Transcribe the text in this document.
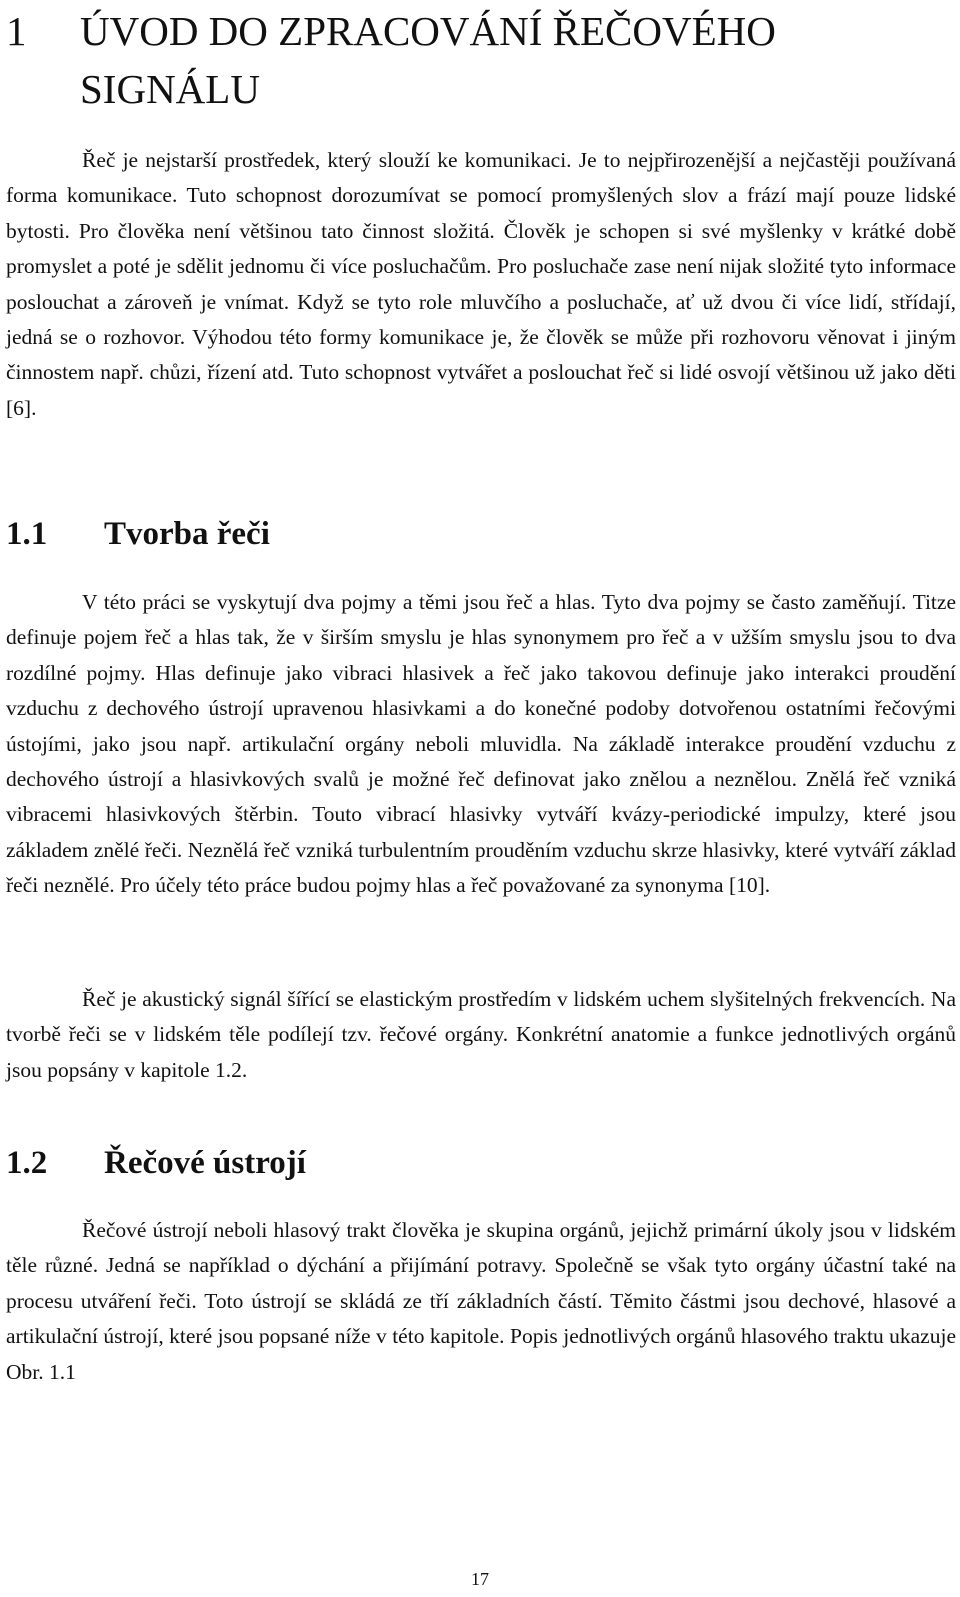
1	ÚVOD DO ZPRACOVÁNÍ ŘEČOVÉHO SIGNÁLU

Řeč je nejstarší prostředek, který slouží ke komunikaci. Je to nejpřirozenější a nejčastěji používaná forma komunikace. Tuto schopnost dorozumívat se pomocí promyšlených slov a frází mají pouze lidské bytosti. Pro člověka není většinou tato činnost složitá. Člověk je schopen si své myšlenky v krátké době promyslet a poté je sdělit jednomu či více posluchačům. Pro posluchače zase není nijak složité tyto informace poslouchat a zároveň je vnímat. Když se tyto role mluvčího a posluchače, ať už dvou či více lidí, střídají, jedná se o rozhovor. Výhodou této formy komunikace je, že člověk se může při rozhovoru věnovat i jiným činnostem např. chůzi, řízení atd. Tuto schopnost vytvářet a poslouchat řeč si lidé osvojí většinou už jako děti [6].

1.1	Tvorba řeči

V této práci se vyskytují dva pojmy a těmi jsou řeč a hlas. Tyto dva pojmy se často zaměňují. Titze definuje pojem řeč a hlas tak, že v širším smyslu je hlas synonymem pro řeč a v užším smyslu jsou to dva rozdílné pojmy. Hlas definuje jako vibraci hlasivek a řeč jako takovou definuje jako interakci proudění vzduchu z dechového ústrojí upravenou hlasivkami a do konečné podoby dotvořenou ostatními řečovými ústojími, jako jsou např. artikulační orgány neboli mluvidla. Na základě interakce proudění vzduchu z dechového ústrojí a hlasivkových svalů je možné řeč definovat jako znělou a neznělou. Znělá řeč vzniká vibracemi hlasivkových štěrbin. Touto vibrací hlasivky vytváří kvázy-periodické impulzy, které jsou základem znělé řeči. Neznělá řeč vzniká turbulentním prouděním vzduchu skrze hlasivky, které vytváří základ řeči neznělé. Pro účely této práce budou pojmy hlas a řeč považované za synonyma [10].

Řeč je akustický signál šířící se elastickým prostředím v lidském uchem slyšitelných frekvencích. Na tvorbě řeči se v lidském těle podílejí tzv. řečové orgány. Konkrétní anatomie a funkce jednotlivých orgánů jsou popsány v kapitole 1.2.

1.2	Řečové ústrojí

Řečové ústrojí neboli hlasový trakt člověka je skupina orgánů, jejichž primární úkoly jsou v lidském těle různé. Jedná se například o dýchání a přijímání potravy. Společně se však tyto orgány účastní také na procesu utváření řeči. Toto ústrojí se skládá ze tří základních částí. Těmito částmi jsou dechové, hlasové a artikulační ústrojí, které jsou popsané níže v této kapitole. Popis jednotlivých orgánů hlasového traktu ukazuje Obr. 1.1

17
